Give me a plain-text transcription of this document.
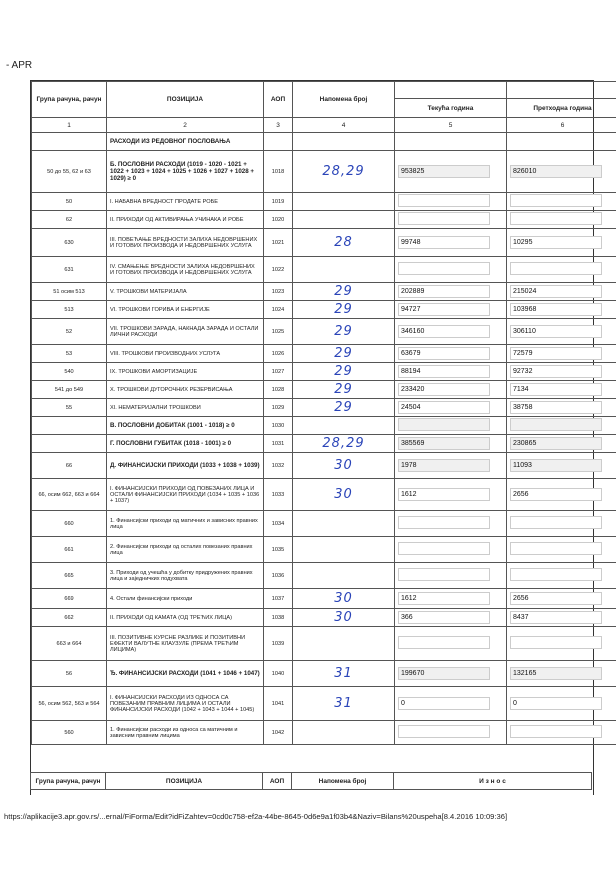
- APR
Група рачуна, рачун	ПОЗИЦИЈА	АОП	Напомена број		
				Текућа година	Претходна година
1	2	3	4	5	6
	РАСХОДИ ИЗ РЕДОВНОГ ПОСЛОВАЊА				
50 до 55, 62 и 63	Б. ПОСЛОВНИ РАСХОДИ (1019 - 1020 - 1021 + 1022 + 1023 + 1024 + 1025 + 1026 + 1027 + 1028 + 1029) ≥ 0	1018	28,29	953825	826010
50	I. НАБАВНА ВРЕДНОСТ ПРОДАТЕ РОБЕ	1019			
62	II. ПРИХОДИ ОД АКТИВИРАЊА УЧИНАКА И РОБЕ	1020			
630	III. ПОВЕЋАЊЕ ВРЕДНОСТИ ЗАЛИХА НЕДОВРШЕНИХ И ГОТОВИХ ПРОИЗВОДА И НЕДОВРШЕНИХ УСЛУГА	1021	28	99748	10295
631	IV. СМАЊЕЊЕ ВРЕДНОСТИ ЗАЛИХА НЕДОВРШЕНИХ И ГОТОВИХ ПРОИЗВОДА И НЕДОВРШЕНИХ УСЛУГА	1022			
51 осим 513	V. ТРОШКОВИ МАТЕРИЈАЛА	1023	29	202889	215024
513	VI. ТРОШКОВИ ГОРИВА И ЕНЕРГИЈЕ	1024	29	94727	103968
52	VII. ТРОШКОВИ ЗАРАДА, НАКНАДА ЗАРАДА И ОСТАЛИ ЛИЧНИ РАСХОДИ	1025	29	346160	306110
53	VIII. ТРОШКОВИ ПРОИЗВОДНИХ УСЛУГА	1026	29	63679	72579
540	IX. ТРОШКОВИ АМОРТИЗАЦИЈЕ	1027	29	88194	92732
541 до 549	X. ТРОШКОВИ ДУГОРОЧНИХ РЕЗЕРВИСАЊА	1028	29	233420	7134
55	XI. НЕМАТЕРИЈАЛНИ ТРОШКОВИ	1029	29	24504	38758
	В. ПОСЛОВНИ ДОБИТАК (1001 - 1018) ≥ 0	1030			
	Г. ПОСЛОВНИ ГУБИТАК (1018 - 1001) ≥ 0	1031	28,29	385569	230865
66	Д. ФИНАНСИЈСКИ ПРИХОДИ (1033 + 1038 + 1039)	1032	30	1978	11093
66, осим 662, 663 и 664	I. ФИНАНСИЈСКИ ПРИХОДИ ОД ПОВЕЗАНИХ ЛИЦА И ОСТАЛИ ФИНАНСИЈСКИ ПРИХОДИ (1034 + 1035 + 1036 + 1037)	1033	30	1612	2656
660	1. Финансијски приходи од матичних и зависних правних лица	1034			
661	2. Финансијски приходи од осталих повезаних правних лица	1035			
665	3. Приходи од учешћа у добитку придружених правних лица и заједничких подухвата	1036			
669	4. Остали финансијски приходи	1037	30	1612	2656
662	II. ПРИХОДИ ОД КАМАТА (ОД ТРЕЋИХ ЛИЦА)	1038	30	366	8437
663 и 664	III. ПОЗИТИВНЕ КУРСНЕ РАЗЛИКЕ И ПОЗИТИВНИ ЕФЕКТИ ВАЛУТНЕ КЛАУЗУЛЕ (ПРЕМА ТРЕЋИМ ЛИЦИМА)	1039			
56	Ђ. ФИНАНСИЈСКИ РАСХОДИ (1041 + 1046 + 1047)	1040	31	199670	132165
56, осим 562, 563 и 564	I. ФИНАНСИЈСКИ РАСХОДИ ИЗ ОДНОСА СА ПОВЕЗАНИМ ПРАВНИМ ЛИЦИМА И ОСТАЛИ ФИНАНСИЈСКИ РАСХОДИ (1042 + 1043 + 1044 + 1045)	1041	31	0	0
560	1. Финансијски расходи из односа са матичним и зависним правним лицима	1042			
Група рачуна, рачун	ПОЗИЦИЈА	АОП	Напомена број	И з н о с
https://aplikacije3.apr.gov.rs/...ernal/FiForma/Edit?idFiZahtev=0cd0c758-ef2a-44be-8645-0d6e9a1f03b4&Naziv=Bilans%20uspeha[8.4.2016 10:09:36]
